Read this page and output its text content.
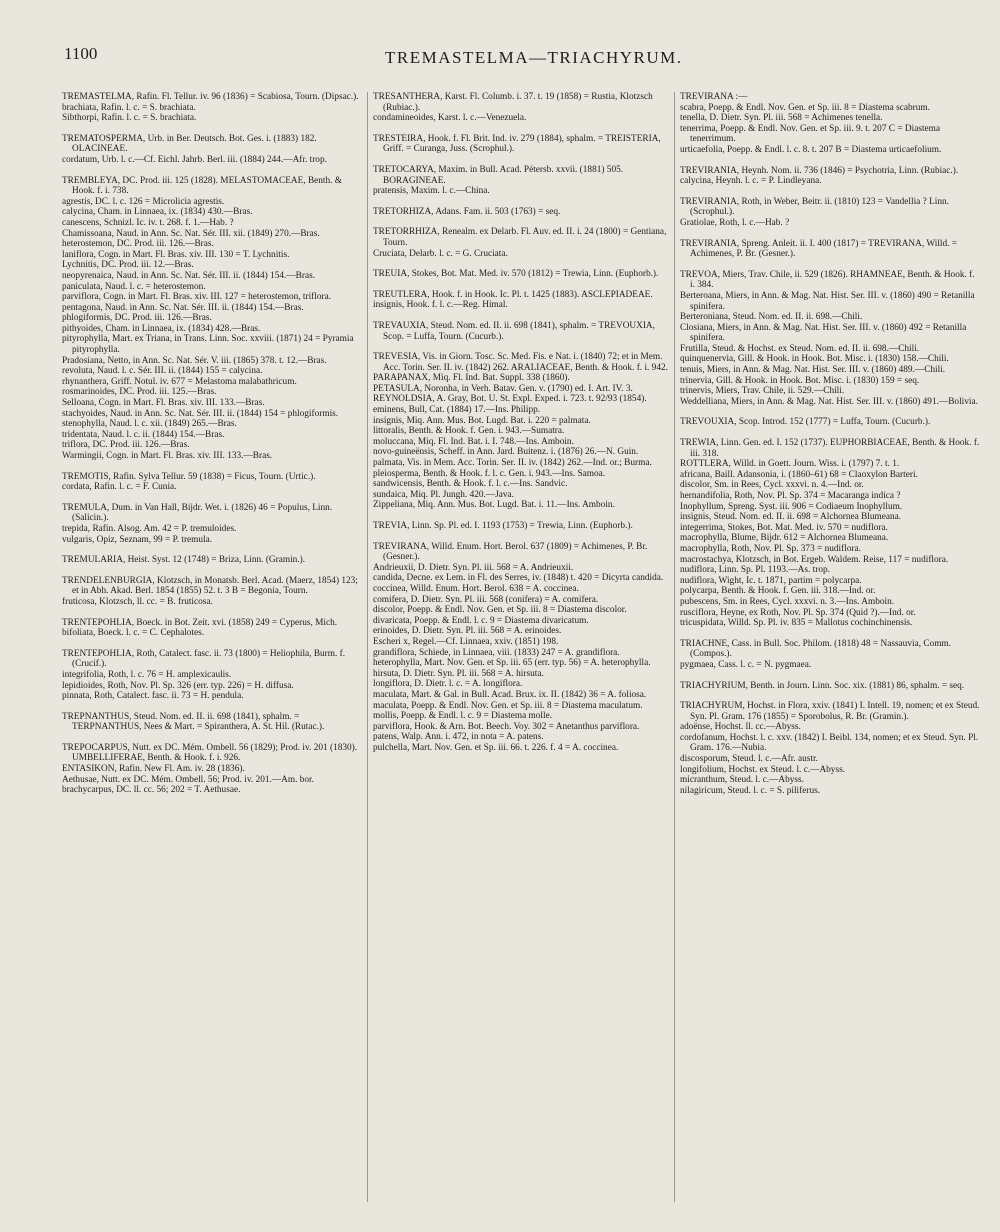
1100	TREMASTELMA—TRIACHYRUM.
TREMASTELMA, Rafin. Fl. Tellur. iv. 96 (1836) = Scabiosa, Tourn. (Dipsac.).
brachiata, Rafin. l. c. = S. brachiata.
Sibthorpi, Rafin. l. c. = S. brachiata.
TREMATOSPERMA, Urb. in Ber. Deutsch. Bot. Ges. i. (1883) 182. OLACINEAE.
cordatum, Urb. l. c.—Cf. Eichl. Jahrb. Berl. iii. (1884) 244.—Afr. trop.
TREMBLEYA, DC. Prod. iii. 125 (1828). MELASTOMACEAE, Benth. & Hook. f. i. 738.
agrestis, DC. l. c. 126 = Microlicia agrestis.
calycina, Cham. in Linnaea, ix. (1834) 430.—Bras.
canescens, Schnizl. Ic. iv. t. 268. f. 1.—Hab. ?
Chamissoana, Naud. in Ann. Sc. Nat. Sér. III. xii. (1849) 270.—Bras.
heterostemon, DC. Prod. iii. 126.—Bras.
laniflora, Cogn. in Mart. Fl. Bras. xiv. III. 130 = T. Lychnitis.
Lychnitis, DC. Prod. iii. 12.—Bras.
neopyrenaica, Naud. in Ann. Sc. Nat. Sér. III. ii. (1844) 154.—Bras.
paniculata, Naud. l. c. = heterostemon.
parviflora, Cogn. in Mart. Fl. Bras. xiv. III. 127 = heterostemon, triflora.
pentagona, Naud. in Ann. Sc. Nat. Sér. III. ii. (1844) 154.—Bras.
phlogiformis, DC. Prod. iii. 126.—Bras.
pithyoides, Cham. in Linnaea, ix. (1834) 428.—Bras.
pityrophylla, Mart. ex Triana, in Trans. Linn. Soc. xxviii. (1871) 24 = Pyramia pityrophylla.
Pradosiana, Netto, in Ann. Sc. Nat. Sér. V. iii. (1865) 378. t. 12.—Bras.
revoluta, Naud. l. c. Sér. III. ii. (1844) 155 = calycina.
rhynanthera, Griff. Notul. iv. 677 = Melastoma malabathricum.
rosmarinoides, DC. Prod. iii. 125.—Bras.
Selloana, Cogn. in Mart. Fl. Bras. xiv. III. 133.—Bras.
stachyoides, Naud. in Ann. Sc. Nat. Sér. III. ii. (1844) 154 = phlogiformis.
stenophylla, Naud. l. c. xii. (1849) 265.—Bras.
tridentata, Naud. l. c. ii. (1844) 154.—Bras.
triflora, DC. Prod. iii. 126.—Bras.
Warmingii, Cogn. in Mart. Fl. Bras. xiv. III. 133.—Bras.
TREMOTIS, Rafin. Sylva Tellur. 59 (1838) = Ficus, Tourn. (Urtic.).
cordata, Rafin. l. c. = F. Cunia.
TREMULA, Dum. in Van Hall, Bijdr. Wet. i. (1826) 46 = Populus, Linn. (Salicin.).
trepida, Rafin. Alsog. Am. 42 = P. tremuloides.
vulgaris, Opiz, Seznam, 99 = P. tremula.
TREMULARIA, Heist. Syst. 12 (1748) = Briza, Linn. (Gramin.).
TRENDELENBURGIA, Klotzsch, in Monatsb. Berl. Acad. (Maerz, 1854) 123; et in Abh. Akad. Berl. 1854 (1855) 52. t. 3 B = Begonia, Tourn.
fruticosa, Klotzsch, ll. cc. = B. fruticosa.
TRENTEPOHLIA, Boeck. in Bot. Zeit. xvi. (1858) 249 = Cyperus, Mich.
bifoliata, Boeck. l. c. = C. Cephalotes.
TRENTEPOHLIA, Roth, Catalect. fasc. ii. 73 (1800) = Heliophila, Burm. f. (Crucif.).
integrifolia, Roth, l. c. 76 = H. amplexicaulis.
lepidioides, Roth, Nov. Pl. Sp. 326 (err. typ. 226) = H. diffusa.
pinnata, Roth, Catalect. fasc. ii. 73 = H. pendula.
TREPNANTHUS, Steud. Nom. ed. II. ii. 698 (1841), sphalm. = TERPNANTHUS, Nees & Mart. = Spiranthera, A. St. Hil. (Rutac.).
TREPOCARPUS, Nutt. ex DC. Mém. Ombell. 56 (1829); Prod. iv. 201 (1830). UMBELLIFERAE, Benth. & Hook. f. i. 926.
ENTASIKON, Rafin. New Fl. Am. iv. 28 (1836).
Aethusae, Nutt. ex DC. Mém. Ombell. 56; Prod. iv. 201.—Am. bor.
brachycarpus, DC. ll. cc. 56; 202 = T. Aethusae.
TRESANTHERA, Karst. Fl. Columb. i. 37. t. 19 (1858) = Rustia, Klotzsch (Rubiac.).
condamineoides, Karst. l. c.—Venezuela.
TRESTEIRA, Hook. f. Fl. Brit. Ind. iv. 279 (1884), sphalm. = TREISTERIA, Griff. = Curanga, Juss. (Scrophul.).
TRETOCARYA, Maxim. in Bull. Acad. Pétersb. xxvii. (1881) 505. BORAGINEAE.
pratensis, Maxim. l. c.—China.
TRETORHIZA, Adans. Fam. ii. 503 (1763) = seq.
TRETORRHIZA, Renealm. ex Delarb. Fl. Auv. ed. II. i. 24 (1800) = Gentiana, Tourn.
Cruciata, Delarb. l. c. = G. Cruciata.
TREUIA, Stokes, Bot. Mat. Med. iv. 570 (1812) = Trewia, Linn. (Euphorb.).
TREUTLERA, Hook. f. in Hook. Ic. Pl. t. 1425 (1883). ASCLEPIADEAE.
insignis, Hook. f. l. c.—Reg. Himal.
TREVAUXIA, Steud. Nom. ed. II. ii. 698 (1841), sphalm. = TREVOUXIA, Scop. = Luffa, Tourn. (Cucurb.).
TREVESIA, Vis. in Giorn. Tosc. Sc. Med. Fis. e Nat. i. (1840) 72; et in Mem. Acc. Torin. Ser. II. iv. (1842) 262. ARALIACEAE, Benth. & Hook. f. i. 942.
PARAPANAX, Miq. Fl. Ind. Bat. Suppl. 338 (1860).
PETASULA, Noronha, in Verh. Batav. Gen. v. (1790) ed. I. Art. IV. 3.
REYNOLDSIA, A. Gray, Bot. U. St. Expl. Exped. i. 723. t. 92/93 (1854).
eminens, Bull, Cat. (1884) 17.—Ins. Philipp.
insignis, Miq. Ann. Mus. Bot. Lugd. Bat. i. 220 = palmata.
littoralis, Benth. & Hook. f. Gen. i. 943.—Sumatra.
moluccana, Miq. Fl. Ind. Bat. i. I. 748.—Ins. Amboin.
novo-guineënsis, Scheff. in Ann. Jard. Buitenz. i. (1876) 26.—N. Guin.
palmata, Vis. in Mem. Acc. Torin. Ser. II. iv. (1842) 262.—Ind. or.; Burma.
pleiosperma, Benth. & Hook. f. l. c. Gen. i. 943.—Ins. Samoa.
sandwicensis, Benth. & Hook. f. l. c.—Ins. Sandvic.
sundaica, Miq. Pl. Jungh. 420.—Java.
Zippeliana, Miq. Ann. Mus. Bot. Lugd. Bat. i. 11.—Ins. Amboin.
TREVIA, Linn. Sp. Pl. ed. I. 1193 (1753) = Trewia, Linn. (Euphorb.).
TREVIRANA, Willd. Enum. Hort. Berol. 637 (1809) = Achimenes, P. Br. (Gesner.).
Andrieuxii, D. Dietr. Syn. Pl. iii. 568 = A. Andrieuxii.
candida, Decne. ex Lem. in Fl. des Serres, iv. (1848) t. 420 = Dicyrta candida.
coccinea, Willd. Enum. Hort. Berol. 638 = A. coccinea.
comifera, D. Dietr. Syn. Pl. iii. 568 (conifera) = A. comifera.
discolor, Poepp. & Endl. Nov. Gen. et Sp. iii. 8 = Diastema discolor.
divaricata, Poepp. & Endl. l. c. 9 = Diastema divaricatum.
erinoides, D. Dietr. Syn. Pl. iii. 568 = A. erinoides.
Escheri x, Regel.—Cf. Linnaea, xxiv. (1851) 198.
grandiflora, Schiede, in Linnaea, viii. (1833) 247 = A. grandiflora.
heterophylla, Mart. Nov. Gen. et Sp. iii. 65 (err. typ. 56) = A. heterophylla.
hirsuta, D. Dietr. Syn. Pl. iii. 568 = A. hirsuta.
longiflora, D. Dietr. l. c. = A. longiflora.
maculata, Mart. & Gal. in Bull. Acad. Brux. ix. II. (1842) 36 = A. foliosa.
maculata, Poepp. & Endl. Nov. Gen. et Sp. iii. 8 = Diastema maculatum.
mollis, Poepp. & Endl. l. c. 9 = Diastema molle.
parviflora, Hook. & Arn. Bot. Beech. Voy. 302 = Anetanthus parviflora.
patens, Walp. Ann. i. 472, in nota = A. patens.
pulchella, Mart. Nov. Gen. et Sp. iii. 66. t. 226. f. 4 = A. coccinea.
TREVIRANA :—
scabra, Poepp. & Endl. Nov. Gen. et Sp. iii. 8 = Diastema scabrum.
tenella, D. Dietr. Syn. Pl. iii. 568 = Achimenes tenella.
tenerrima, Poepp. & Endl. Nov. Gen. et Sp. iii. 9. t. 207 C = Diastema tenerrimum.
urticaefolia, Poepp. & Endl. l. c. 8. t. 207 B = Diastema urticaefolium.
TREVIRANIA, Heynh. Nom. ii. 736 (1846) = Psychotria, Linn. (Rubiac.).
calycina, Heynh. l. c. = P. Lindleyana.
TREVIRANIA, Roth, in Weber, Beitr. ii. (1810) 123 = Vandellia ? Linn. (Scrophul.).
Gratiolae, Roth, l. c.—Hab. ?
TREVIRANIA, Spreng. Anleit. ii. I. 400 (1817) = TREVIRANA, Willd. = Achimenes, P. Br. (Gesner.).
TREVOA, Miers, Trav. Chile, ii. 529 (1826). RHAMNEAE, Benth. & Hook. f. i. 384.
Berteroana, Miers, in Ann. & Mag. Nat. Hist. Ser. III. v. (1860) 490 = Retanilla spinifera.
Berteroniana, Steud. Nom. ed. II. ii. 698.—Chili.
Closiana, Miers, in Ann. & Mag. Nat. Hist. Ser. III. v. (1860) 492 = Retanilla spinifera.
Frutilla, Steud. & Hochst. ex Steud. Nom. ed. II. ii. 698.—Chili.
quinquenervia, Gill. & Hook. in Hook. Bot. Misc. i. (1830) 158.—Chili.
tenuis, Miers, in Ann. & Mag. Nat. Hist. Ser. III. v. (1860) 489.—Chili.
trinervia, Gill. & Hook. in Hook. Bot. Misc. i. (1830) 159 = seq.
trinervis, Miers, Trav. Chile, ii. 529.—Chili.
Weddelliana, Miers, in Ann. & Mag. Nat. Hist. Ser. III. v. (1860) 491.—Bolivia.
TREVOUXIA, Scop. Introd. 152 (1777) = Luffa, Tourn. (Cucurb.).
TREWIA, Linn. Gen. ed. I. 152 (1737). EUPHORBIACEAE, Benth. & Hook. f. iii. 318.
ROTTLERA, Willd. in Goett. Journ. Wiss. i. (1797) 7. t. 1.
africana, Baill. Adansonia, i. (1860–61) 68 = Claoxylon Barteri.
discolor, Sm. in Rees, Cycl. xxxvi. n. 4.—Ind. or.
hernandifolia, Roth, Nov. Pl. Sp. 374 = Macaranga indica ?
Inophyllum, Spreng. Syst. iii. 906 = Codiaeum Inophyllum.
insignis, Steud. Nom. ed. II. ii. 698 = Alchornea Blumeana.
integerrima, Stokes, Bot. Mat. Med. iv. 570 = nudiflora.
macrophylla, Blume, Bijdr. 612 = Alchornea Blumeana.
macrophylla, Roth, Nov. Pl. Sp. 373 = nudiflora.
macrostachya, Klotzsch, in Bot. Ergeb. Waldem. Reise, 117 = nudiflora.
nudiflora, Linn. Sp. Pl. 1193.—As. trop.
nudiflora, Wight, Ic. t. 1871, partim = polycarpa.
polycarpa, Benth. & Hook. f. Gen. iii. 318.—Ind. or.
pubescens, Sm. in Rees, Cycl. xxxvi. n. 3.—Ins. Amboin.
rusciflora, Heyne, ex Roth, Nov. Pl. Sp. 374 (Quid ?).—Ind. or.
tricuspidata, Willd. Sp. Pl. iv. 835 = Mallotus cochinchinensis.
TRIACHNE, Cass. in Bull. Soc. Philom. (1818) 48 = Nassauvia, Comm. (Compos.).
pygmaea, Cass. l. c. = N. pygmaea.
TRIACHYRIUM, Benth. in Journ. Linn. Soc. xix. (1881) 86, sphalm. = seq.
TRIACHYRUM, Hochst. in Flora, xxiv. (1841) I. Intell. 19, nomen; et ex Steud. Syn. Pl. Gram. 176 (1855) = Sporobolus, R. Br. (Gramin.).
adoënse, Hochst. ll. cc.—Abyss.
cordofanum, Hochst. l. c. xxv. (1842) I. Beibl. 134, nomen; et ex Steud. Syn. Pl. Gram. 176.—Nubia.
discosporum, Steud. l. c.—Afr. austr.
longifolium, Hochst. ex Steud. l. c.—Abyss.
micranthum, Steud. l. c.—Abyss.
nilagiricum, Steud. l. c. = S. piliferus.
